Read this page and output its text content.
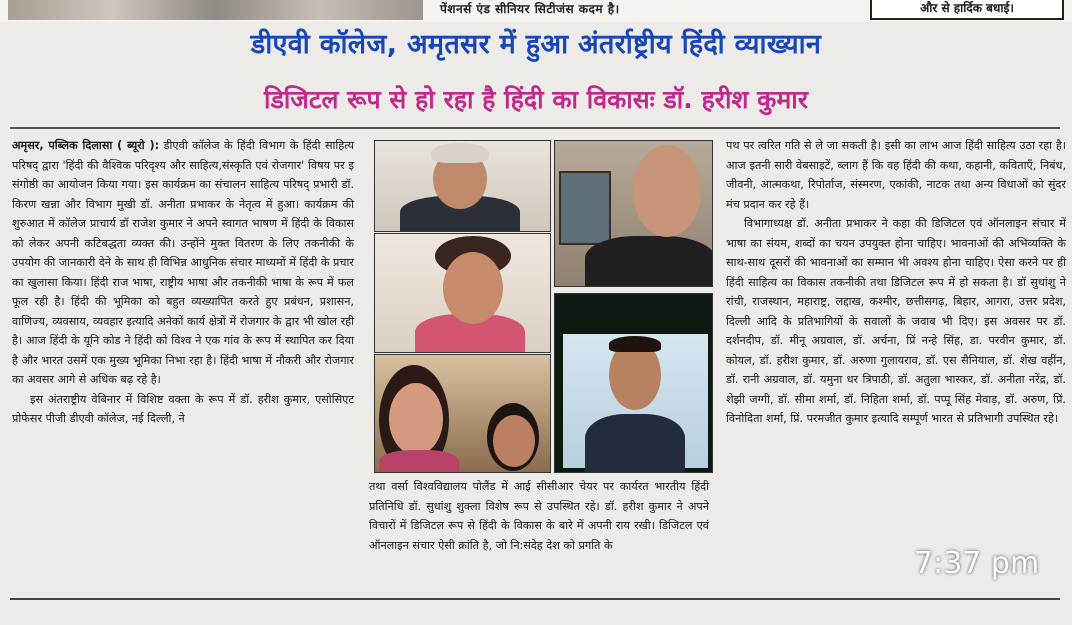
पेंशनर्स एंड सीनियर सिटीजंस कदम है।	और से हार्दिक बधाई।
डीएवी कॉलेज, अमृतसर में हुआ अंतर्राष्ट्रीय हिंदी व्याख्यान
डिजिटल रूप से हो रहा है हिंदी का विकासः डॉ. हरीश कुमार

अमृसर, पब्लिक दिलासा ( ब्यूरो ): डीएवी कॉलेज के हिंदी विभाग के हिंदी साहित्य परिषद् द्वारा 'हिंदी की वैश्विक परिदृश्य और साहित्य,संस्कृति एवं रोजगार' विषय पर इ संगोष्ठी का आयोजन किया गया। इस कार्यक्रम का संचालन साहित्य परिषद् प्रभारी डॉ. किरण खन्ना और विभाग मुखी डॉ. अनीता प्रभाकर के नेतृत्व में हुआ। कार्यक्रम की शुरुआत में कॉलेज प्राचार्य डॉ राजेश कुमार ने अपने स्वागत भाषण में हिंदी के विकास को लेकर अपनी कटिबद्धता व्यक्त की। उन्होंने मुक्त वितरण के लिए तकनीकी के उपयोग की जानकारी देने के साथ ही विभिन्न आधुनिक संचार माध्यमों में हिंदी के प्रचार का खुलासा किया। हिंदी राज भाषा, राष्ट्रीय भाषा और तकनीकी भाषा के रूप में फल फूल रही है। हिंदी की भूमिका को बहुत व्यख्यापित करते हुए प्रबंधन, प्रशासन, वाणिज्य, व्यवसाय, व्यवहार इत्यादि अनेकों कार्य क्षेत्रों में रोजगार के द्वार भी खोल रही है। आज हिंदी के यूनि कोड ने हिंदी को विश्व ने एक गांव के रूप में स्थापित कर दिया है और भारत उसमें एक मुख्य भूमिका निभा रहा है। हिंदी भाषा में नौकरी और रोजगार का अवसर आगे से अधिक बढ़ रहे है।

इस अंतराष्ट्रीय वेबिनार में विशिष्ट वक्ता के रूप में डॉ. हरीश कुमार, एसोसिएट प्रोफेसर पीजी डीएवी कॉलेज, नई दिल्ली, ने

तथा वर्सा विश्वविद्यालय पोलैंड में आई सीसीआर चेयर पर कार्यरत भारतीय हिंदी प्रतिनिधि डॉ. सुधांशु शुक्ला विशेष रूप से उपस्थित रहे। डॉ. हरीश कुमार ने अपने विचारों में डिजिटल रूप से हिंदी के विकास के बारे में अपनी राय रखी। डिजिटल एवं ऑनलाइन संचार ऐसी क्रांति है, जो नि:संदेह देश को प्रगति के

पथ पर त्वरित गति से ले जा सकती है। इसी का लाभ आज हिंदी साहित्य उठा रहा है। आज इतनी सारी वेबसाइटें, ब्लाग हैं कि वह हिंदी की कथा, कहानी, कविताएँ, निबंध, जीवनी, आत्मकथा, रिपोर्ताज, संस्मरण, एकांकी, नाटक तथा अन्य विधाओं को सुंदर मंच प्रदान कर रहे हैं।

विभागाध्यक्ष डॉ. अनीता प्रभाकर ने कहा की डिजिटल एवं ऑनलाइन संचार में भाषा का संयम, शब्दों का चयन उपयुक्त होना चाहिए। भावनाओं की अभिव्यक्ति के साथ-साथ दूसरों की भावनाओं का सम्मान भी अवश्य होना चाहिए। ऐसा करने पर ही हिंदी साहित्य का विकास तकनीकी तथा डिजिटल रूप में हो सकता है। डॉ सुधांशु ने रांची, राजस्थान, महाराष्ट्र, लद्दाख, कश्मीर, छत्तीसगढ़, बिहार, आगरा, उत्तर प्रदेश, दिल्ली आदि के प्रतिभागियों के सवालों के जवाब भी दिए। इस अवसर पर डॉ. दर्शनदीप, डॉ. मीनू अग्रवाल, डॉ. अर्चना, प्रिं नन्हे सिंह, डा. परवीन कुमार, डॉ. कोयल, डॉ. हरीश कुमार, डॉ. अरुणा गुलायराव, डॉ. एस सैनियाल, डॉ. शेख वहींन, डॉ. रानी अग्रवाल, डॉ. यमुना धर त्रिपाठी, डॉ. अतुला भास्कर, डॉ. अनीता नरेंद्र, डॉ. शेझी जग्गी, डॉ. सीमा शर्मा, डॉ. निहिता शर्मा, डॉ. पप्पू सिंह मेवाड़, डॉ. अरुण, प्रिं. विनोदिता शर्मा, प्रिं. परमजीत कुमार इत्यादि सम्पूर्ण भारत से प्रतिभागी उपस्थित रहे।

7:37 pm
